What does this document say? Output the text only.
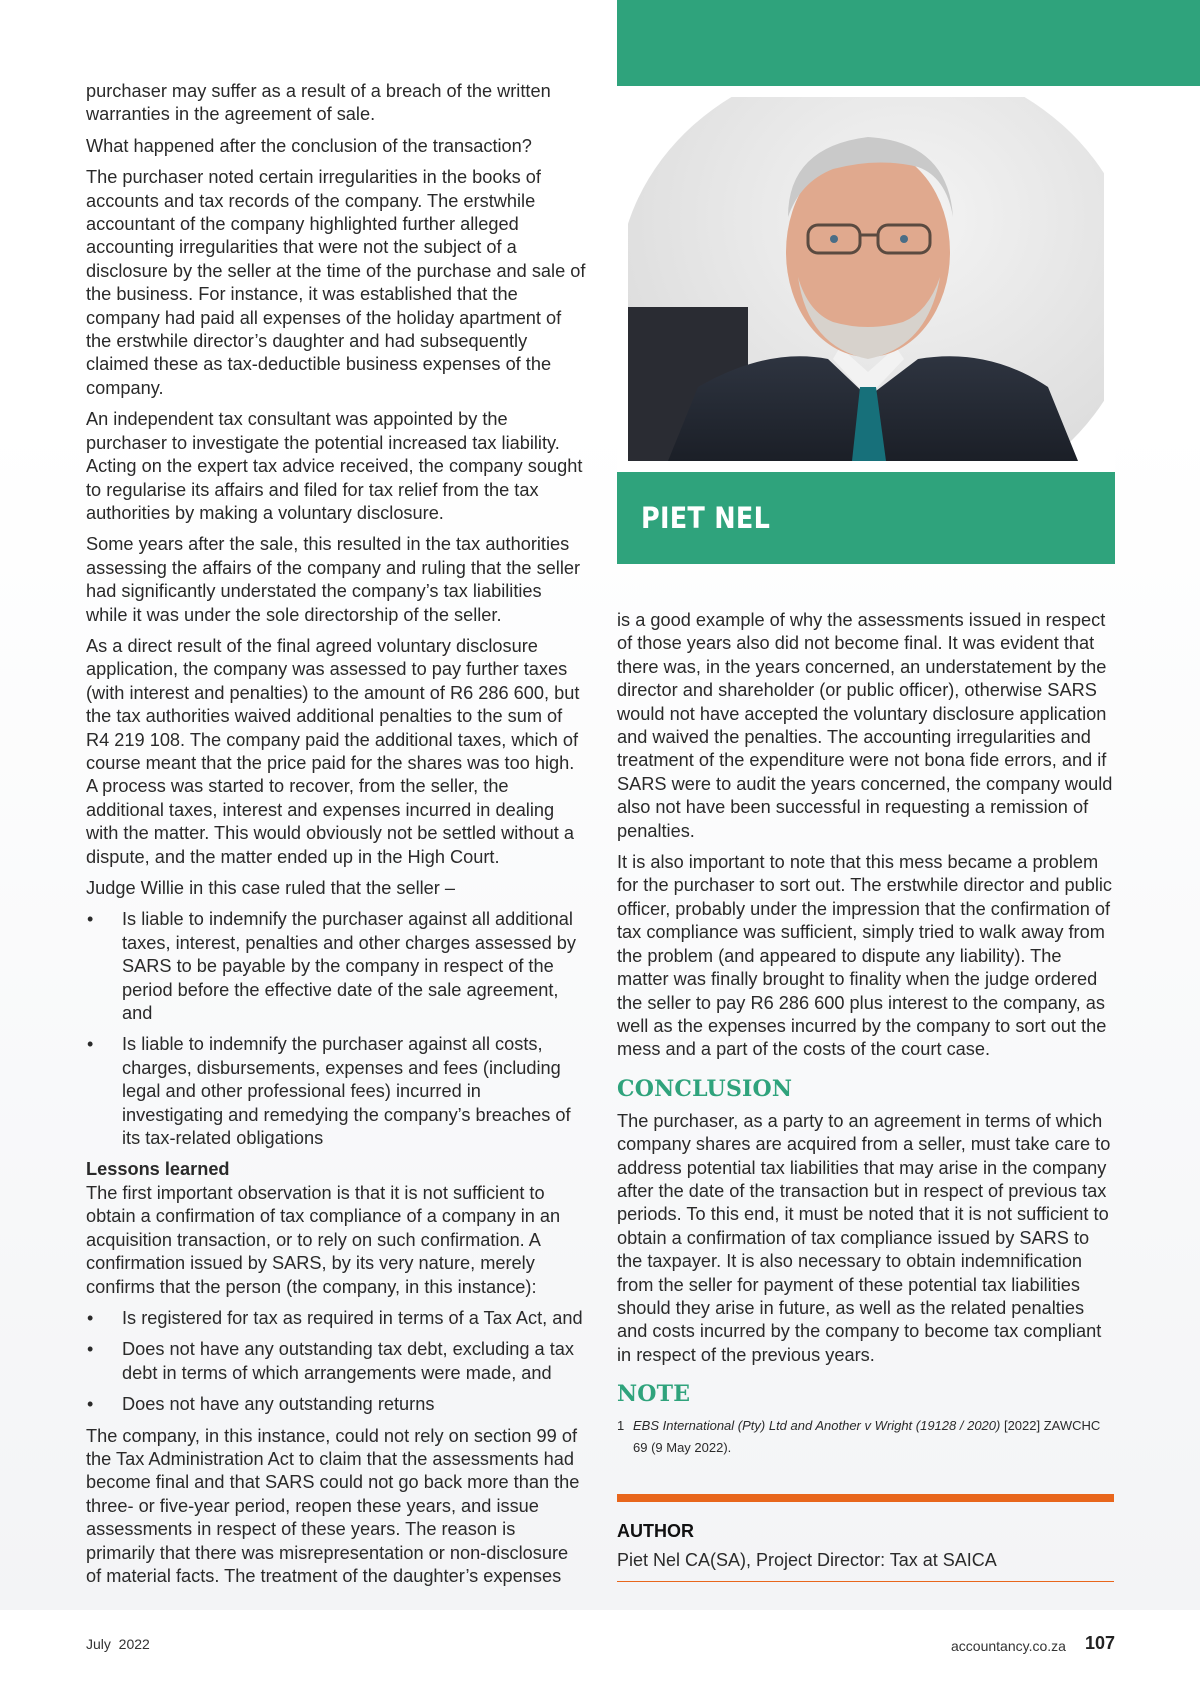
purchaser may suffer as a result of a breach of the written warranties in the agreement of sale.

What happened after the conclusion of the transaction?

The purchaser noted certain irregularities in the books of accounts and tax records of the company. The erstwhile accountant of the company highlighted further alleged accounting irregularities that were not the subject of a disclosure by the seller at the time of the purchase and sale of the business. For instance, it was established that the company had paid all expenses of the holiday apartment of the erstwhile director’s daughter and had subsequently claimed these as tax-deductible business expenses of the company.

An independent tax consultant was appointed by the purchaser to investigate the potential increased tax liability. Acting on the expert tax advice received, the company sought to regularise its affairs and filed for tax relief from the tax authorities by making a voluntary disclosure.

Some years after the sale, this resulted in the tax authorities assessing the affairs of the company and ruling that the seller had significantly understated the company’s tax liabilities while it was under the sole directorship of the seller.

As a direct result of the final agreed voluntary disclosure application, the company was assessed to pay further taxes (with interest and penalties) to the amount of R6 286 600, but the tax authorities waived additional penalties to the sum of R4 219 108. The company paid the additional taxes, which of course meant that the price paid for the shares was too high. A process was started to recover, from the seller, the additional taxes, interest and expenses incurred in dealing with the matter. This would obviously not be settled without a dispute, and the matter ended up in the High Court.

Judge Willie in this case ruled that the seller –

• Is liable to indemnify the purchaser against all additional taxes, interest, penalties and other charges assessed by SARS to be payable by the company in respect of the period before the effective date of the sale agreement, and
• Is liable to indemnify the purchaser against all costs, charges, disbursements, expenses and fees (including legal and other professional fees) incurred in investigating and remedying the company’s breaches of its tax-related obligations
Lessons learned

The first important observation is that it is not sufficient to obtain a confirmation of tax compliance of a company in an acquisition transaction, or to rely on such confirmation. A confirmation issued by SARS, by its very nature, merely confirms that the person (the company, in this instance):

• Is registered for tax as required in terms of a Tax Act, and
• Does not have any outstanding tax debt, excluding a tax debt in terms of which arrangements were made, and
• Does not have any outstanding returns

The company, in this instance, could not rely on section 99 of the Tax Administration Act to claim that the assessments had become final and that SARS could not go back more than the three- or five-year period, reopen these years, and issue assessments in respect of these years. The reason is primarily that there was misrepresentation or non-disclosure of material facts. The treatment of the daughter’s expenses

PIET NEL

is a good example of why the assessments issued in respect of those years also did not become final. It was evident that there was, in the years concerned, an understatement by the director and shareholder (or public officer), otherwise SARS would not have accepted the voluntary disclosure application and waived the penalties. The accounting irregularities and treatment of the expenditure were not bona fide errors, and if SARS were to audit the years concerned, the company would also not have been successful in requesting a remission of penalties.

It is also important to note that this mess became a problem for the purchaser to sort out. The erstwhile director and public officer, probably under the impression that the confirmation of tax compliance was sufficient, simply tried to walk away from the problem (and appeared to dispute any liability). The matter was finally brought to finality when the judge ordered the seller to pay R6 286 600 plus interest to the company, as well as the expenses incurred by the company to sort out the mess and a part of the costs of the court case.

CONCLUSION

The purchaser, as a party to an agreement in terms of which company shares are acquired from a seller, must take care to address potential tax liabilities that may arise in the company after the date of the transaction but in respect of previous tax periods. To this end, it must be noted that it is not sufficient to obtain a confirmation of tax compliance issued by SARS to the taxpayer. It is also necessary to obtain indemnification from the seller for payment of these potential tax liabilities should they arise in future, as well as the related penalties and costs incurred by the company to become tax compliant in respect of the previous years.

NOTE
1 EBS International (Pty) Ltd and Another v Wright (19128 / 2020) [2022] ZAWCHC 69 (9 May 2022).
AUTHOR
Piet Nel CA(SA), Project Director: Tax at SAICA
July  2022	accountancy.co.za 107
